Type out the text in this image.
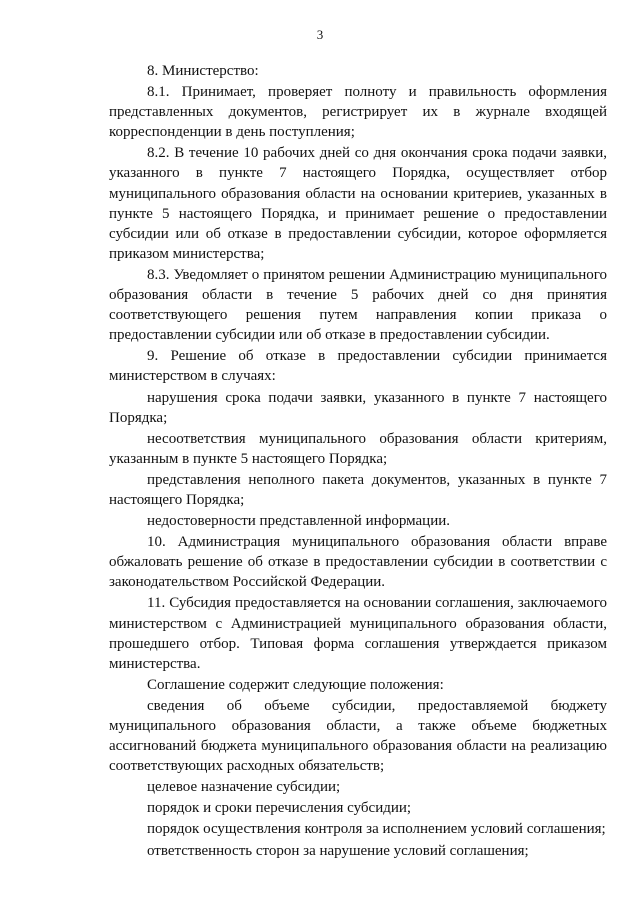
3

8. Министерство:

8.1. Принимает, проверяет полноту и правильность оформления представленных документов, регистрирует их в журнале входящей корреспонденции в день поступления;

8.2. В течение 10 рабочих дней со дня окончания срока подачи заявки, указанного в пункте 7 настоящего Порядка, осуществляет отбор муниципального образования области на основании критериев, указанных в пункте 5 настоящего Порядка, и принимает решение о предоставлении субсидии или об отказе в предоставлении субсидии, которое оформляется приказом министерства;

8.3. Уведомляет о принятом решении Администрацию муниципального образования области в течение 5 рабочих дней со дня принятия соответствующего решения путем направления копии приказа о предоставлении субсидии или об отказе в предоставлении субсидии.

9. Решение об отказе в предоставлении субсидии принимается министерством в случаях:

нарушения срока подачи заявки, указанного в пункте 7 настоящего Порядка;

несоответствия муниципального образования области критериям, указанным в пункте 5 настоящего Порядка;

представления неполного пакета документов, указанных в пункте 7 настоящего Порядка;

недостоверности представленной информации.

10. Администрация муниципального образования области вправе обжаловать решение об отказе в предоставлении субсидии в соответствии с законодательством Российской Федерации.

11. Субсидия предоставляется на основании соглашения, заключаемого министерством с Администрацией муниципального образования области, прошедшего отбор. Типовая форма соглашения утверждается приказом министерства.

Соглашение содержит следующие положения:

сведения об объеме субсидии, предоставляемой бюджету муниципального образования области, а также объеме бюджетных ассигнований бюджета муниципального образования области на реализацию соответствующих расходных обязательств;

целевое назначение субсидии;

порядок и сроки перечисления субсидии;

порядок осуществления контроля за исполнением условий соглашения;

ответственность сторон за нарушение условий соглашения;
